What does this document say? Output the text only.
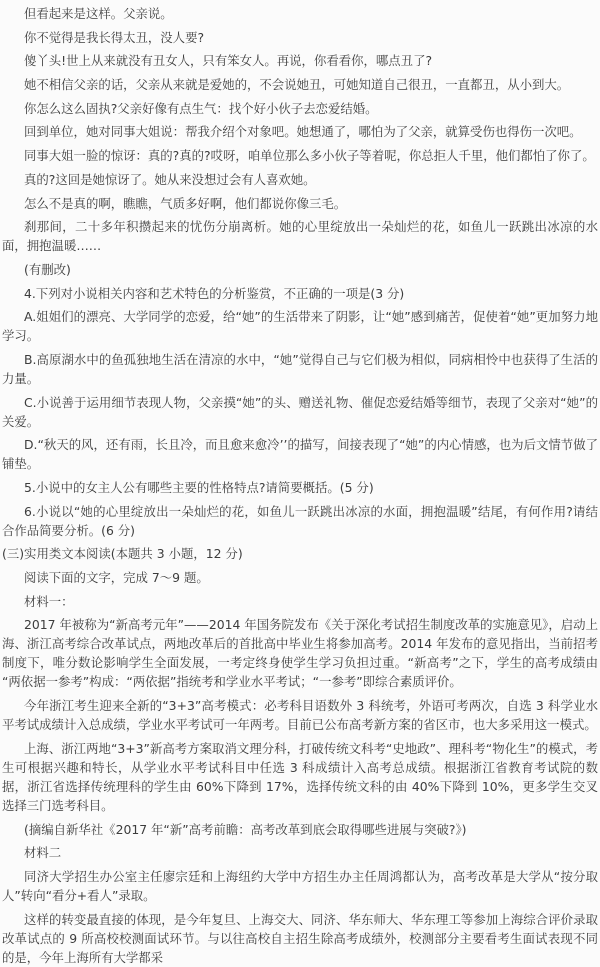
但看起来是这样。父亲说。

你不觉得是我长得太丑，没人要?

傻丫头!世上从来就没有丑女人，只有笨女人。再说，你看看你，哪点丑了?

她不相信父亲的话，父亲从来就是爱她的，不会说她丑，可她知道自己很丑，一直都丑，从小到大。

你怎么这么固执?父亲好像有点生气：找个好小伙子去恋爱结婚。

回到单位，她对同事大姐说：帮我介绍个对象吧。她想通了，哪怕为了父亲，就算受伤也得伤一次吧。

同事大姐一脸的惊讶：真的?真的?哎呀，咱单位那么多小伙子等着呢，你总拒人千里，他们都怕了你了。

真的?这回是她惊讶了。她从来没想过会有人喜欢她。

怎么不是真的啊，瞧瞧，气质多好啊，他们都说你像三毛。

刹那间，二十多年积攒起来的忧伤分崩离析。她的心里绽放出一朵灿烂的花，如鱼儿一跃跳出冰凉的水面，拥抱温暖……

(有删改)

4.下列对小说相关内容和艺术特色的分析鉴赏，不正确的一项是(3 分)

A.姐姐们的漂亮、大学同学的恋爱，给“她”的生活带来了阴影，让“她”感到痛苦，促使着“她”更加努力地学习。

B.高原湖水中的鱼孤独地生活在清凉的水中，“她”觉得自己与它们极为相似，同病相怜中也获得了生活的力量。

C.小说善于运用细节表现人物，父亲摸“她”的头、赠送礼物、催促恋爱结婚等细节，表现了父亲对“她”的关爱。

D.“秋天的风，还有雨，长且冷，而且愈来愈冷’’的描写，间接表现了“她”的内心情感，也为后文情节做了铺垫。

5.小说中的女主人公有哪些主要的性格特点?请简要概括。(5 分)

6.小说以“她的心里绽放出一朵灿烂的花，如鱼儿一跃跳出冰凉的水面，拥抱温暖”结尾，有何作用?请结合作品简要分析。(6 分)

(三)实用类文本阅读(本题共 3 小题，12 分)

阅读下面的文字，完成 7～9 题。

材料一：

2017 年被称为“新高考元年”——2014 年国务院发布《关于深化考试招生制度改革的实施意见》，启动上海、浙江高考综合改革试点，两地改革后的首批高中毕业生将参加高考。2014 年发布的意见指出，当前招考制度下，唯分数论影响学生全面发展，一考定终身使学生学习负担过重。“新高考”之下，学生的高考成绩由“两依据一参考”构成：“两依据”指统考和学业水平考试；“一参考”即综合素质评价。

今年浙江考生迎来全新的“3+3”高考模式：必考科目语数外 3 科统考，外语可考两次，自选 3 科学业水平考试成绩计入总成绩，学业水平考试可一年两考。目前已公布高考新方案的省区市，也大多采用这一模式。

上海、浙江两地“3+3”新高考方案取消文理分科，打破传统文科考“史地政”、理科考“物化生”的模式，考生可根据兴趣和特长，从学业水平考试科目中任选 3 科成绩计入高考总成绩。根据浙江省教育考试院的数据，浙江省选择传统理科的学生由 60%下降到 17%，选择传统文科的由 40%下降到 10%，更多学生交叉选择三门选考科目。

(摘编自新华社《2017 年“新”高考前瞻：高考改革到底会取得哪些进展与突破?》)

材料二

同济大学招生办公室主任廖宗廷和上海纽约大学中方招生办主任周鸿都认为，高考改革是大学从“按分取人”转向“看分+看人”录取。

这样的转变最直接的体现，是今年复旦、上海交大、同济、华东师大、华东理工等参加上海综合评价录取改革试点的 9 所高校校测面试环节。与以往高校自主招生除高考成绩外，校测部分主要看考生面试表现不同的是，今年上海所有大学都采
